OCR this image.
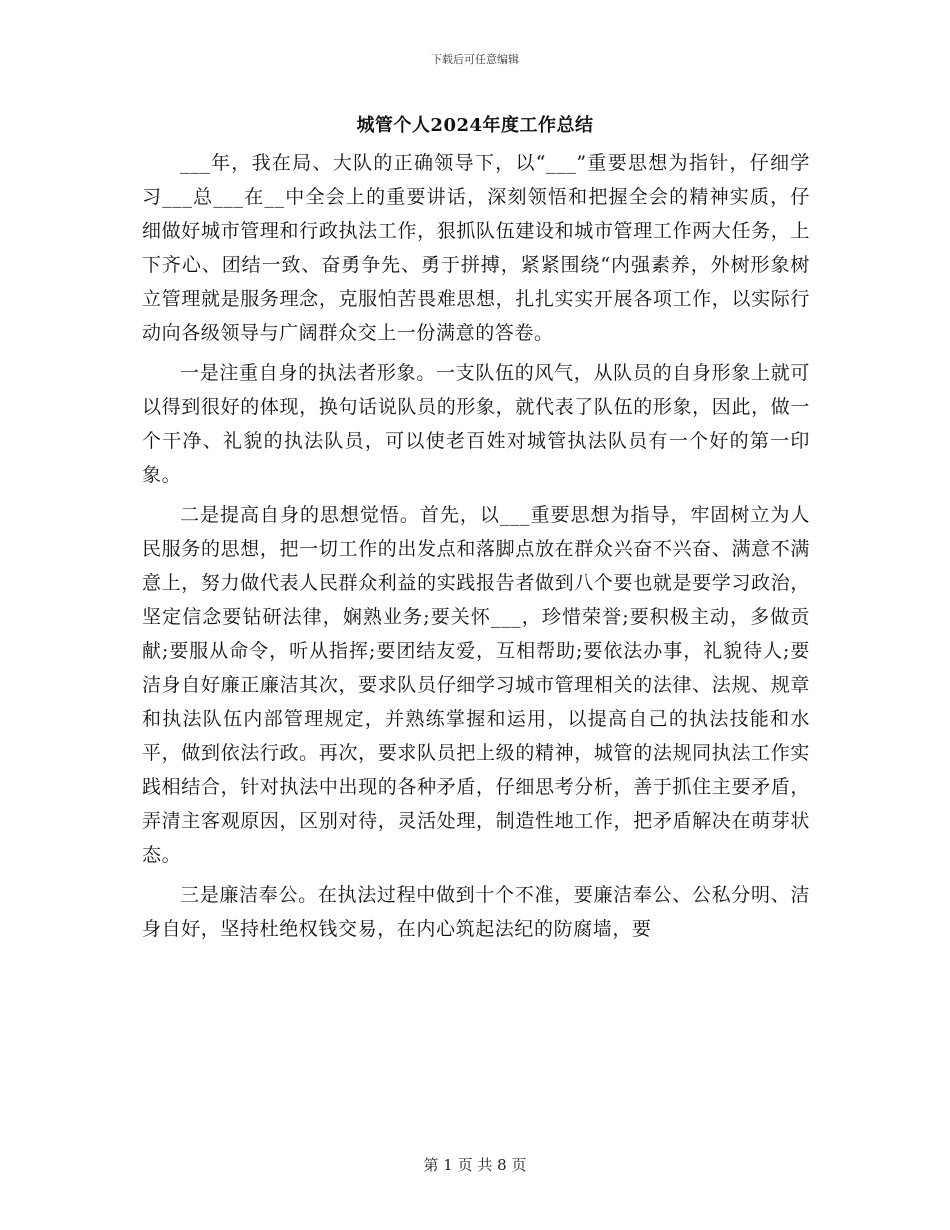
下载后可任意编辑
城管个人2024年度工作总结

___年，我在局、大队的正确领导下，以“___”重要思想为指针，仔细学习___总___在__中全会上的重要讲话，深刻领悟和把握全会的精神实质，仔细做好城市管理和行政执法工作，狠抓队伍建设和城市管理工作两大任务，上下齐心、团结一致、奋勇争先、勇于拼搏，紧紧围绕“内强素养，外树形象树立管理就是服务理念，克服怕苦畏难思想，扎扎实实开展各项工作，以实际行动向各级领导与广阔群众交上一份满意的答卷。

一是注重自身的执法者形象。一支队伍的风气，从队员的自身形象上就可以得到很好的体现，换句话说队员的形象，就代表了队伍的形象，因此，做一个干净、礼貌的执法队员，可以使老百姓对城管执法队员有一个好的第一印象。

二是提高自身的思想觉悟。首先，以___重要思想为指导，牢固树立为人民服务的思想，把一切工作的出发点和落脚点放在群众兴奋不兴奋、满意不满意上，努力做代表人民群众利益的实践报告者做到八个要也就是要学习政治，坚定信念要钻研法律，娴熟业务;要关怀___，珍惜荣誉;要积极主动，多做贡献;要服从命令，听从指挥;要团结友爱，互相帮助;要依法办事，礼貌待人;要洁身自好廉正廉洁其次，要求队员仔细学习城市管理相关的法律、法规、规章和执法队伍内部管理规定，并熟练掌握和运用，以提高自己的执法技能和水平，做到依法行政。再次，要求队员把上级的精神，城管的法规同执法工作实践相结合，针对执法中出现的各种矛盾，仔细思考分析，善于抓住主要矛盾，弄清主客观原因，区别对待，灵活处理，制造性地工作，把矛盾解决在萌芽状态。

三是廉洁奉公。在执法过程中做到十个不准，要廉洁奉公、公私分明、洁身自好，坚持杜绝权钱交易，在内心筑起法纪的防腐墙，要

第 1 页 共 8 页
